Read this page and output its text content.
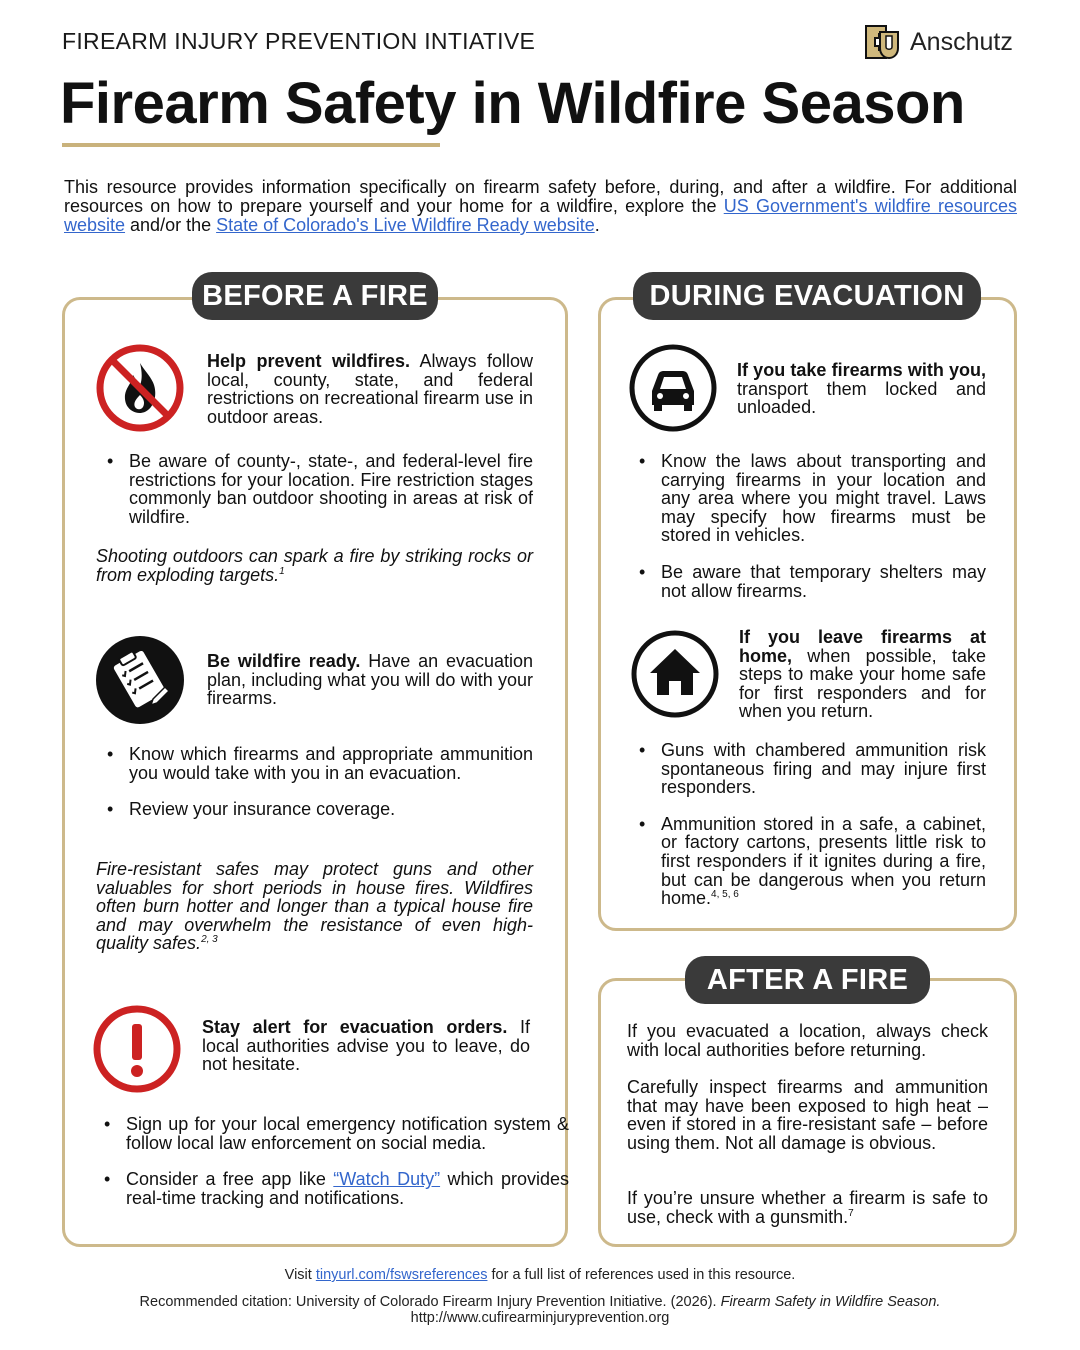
FIREARM INJURY PREVENTION INTIATIVE	Anschutz
Firearm Safety in Wildfire Season
This resource provides information specifically on firearm safety before, during, and after a wildfire. For additional resources on how to prepare yourself and your home for a wildfire, explore the US Government's wildfire resources website and/or the State of Colorado's Live Wildfire Ready website.
BEFORE A FIRE
Help prevent wildfires. Always follow local, county, state, and federal restrictions on recreational firearm use in outdoor areas.
• Be aware of county-, state-, and federal-level fire restrictions for your location. Fire restriction stages commonly ban outdoor shooting in areas at risk of wildfire.
Shooting outdoors can spark a fire by striking rocks or from exploding targets.$^1$
Be wildfire ready. Have an evacuation plan, including what you will do with your firearms.
• Know which firearms and appropriate ammunition you would take with you in an evacuation.
• Review your insurance coverage.
Fire-resistant safes may protect guns and other valuables for short periods in house fires. Wildfires often burn hotter and longer than a typical house fire and may overwhelm the resistance of even high-quality safes.$^{2, 3}$
Stay alert for evacuation orders. If local authorities advise you to leave, do not hesitate.
• Sign up for your local emergency notification system & follow local law enforcement on social media.
• Consider a free app like “Watch Duty” which provides real-time tracking and notifications.
DURING EVACUATION
If you take firearms with you, transport them locked and unloaded.
• Know the laws about transporting and carrying firearms in your location and any area where you might travel. Laws may specify how firearms must be stored in vehicles.
• Be aware that temporary shelters may not allow firearms.
If you leave firearms at home, when possible, take steps to make your home safe for first responders and for when you return.
• Guns with chambered ammunition risk spontaneous firing and may injure first responders.
• Ammunition stored in a safe, a cabinet, or factory cartons, presents little risk to first responders if it ignites during a fire, but can be dangerous when you return home.$^{4, 5, 6}$
AFTER A FIRE
If you evacuated a location, always check with local authorities before returning.
Carefully inspect firearms and ammunition that may have been exposed to high heat – even if stored in a fire-resistant safe – before using them. Not all damage is obvious.
If you’re unsure whether a firearm is safe to use, check with a gunsmith.$^7$
Visit tinyurl.com/fswsreferences for a full list of references used in this resource.
Recommended citation: University of Colorado Firearm Injury Prevention Initiative. (2026). Firearm Safety in Wildfire Season.
http://www.cufirearminjuryprevention.org
